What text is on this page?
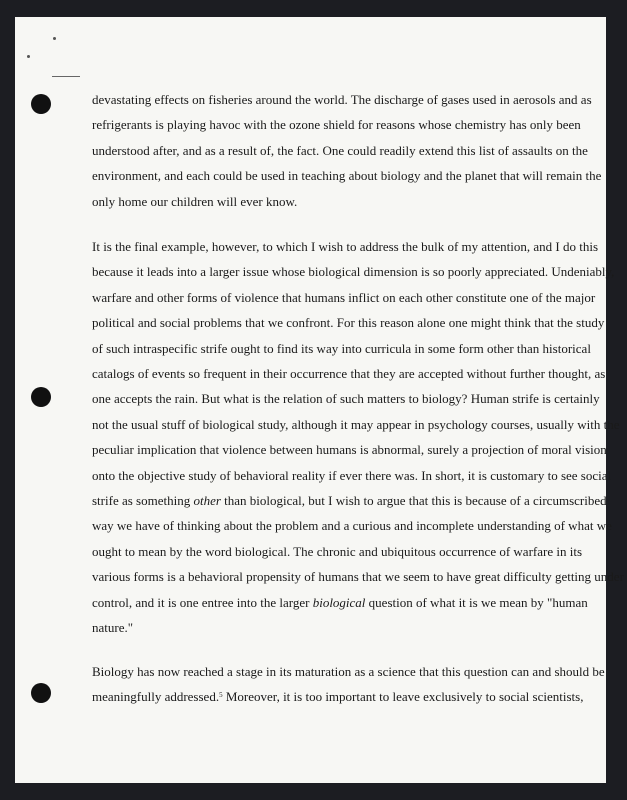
devastating effects on fisheries around the world. The discharge of gases used in aerosols and as
refrigerants is playing havoc with the ozone shield for reasons whose chemistry has only been
understood after, and as a result of, the fact. One could readily extend this list of assaults on the
environment, and each could be used in teaching about biology and the planet that will remain the
only home our children will ever know.

It is the final example, however, to which I wish to address the bulk of my attention, and I do this
because it leads into a larger issue whose biological dimension is so poorly appreciated. Undeniably,
warfare and other forms of violence that humans inflict on each other constitute one of the major
political and social problems that we confront. For this reason alone one might think that the study
of such intraspecific strife ought to find its way into curricula in some form other than historical
catalogs of events so frequent in their occurrence that they are accepted without further thought, as
one accepts the rain. But what is the relation of such matters to biology? Human strife is certainly
not the usual stuff of biological study, although it may appear in psychology courses, usually with the
peculiar implication that violence between humans is abnormal, surely a projection of moral vision
onto the objective study of behavioral reality if ever there was. In short, it is customary to see social
strife as something other than biological, but I wish to argue that this is because of a circumscribed
way we have of thinking about the problem and a curious and incomplete understanding of what we
ought to mean by the word biological. The chronic and ubiquitous occurrence of warfare in its
various forms is a behavioral propensity of humans that we seem to have great difficulty getting under
control, and it is one entree into the larger biological question of what it is we mean by "human
nature."

Biology has now reached a stage in its maturation as a science that this question can and should be
meaningfully addressed.$^5$ Moreover, it is too important to leave exclusively to social scientists,
